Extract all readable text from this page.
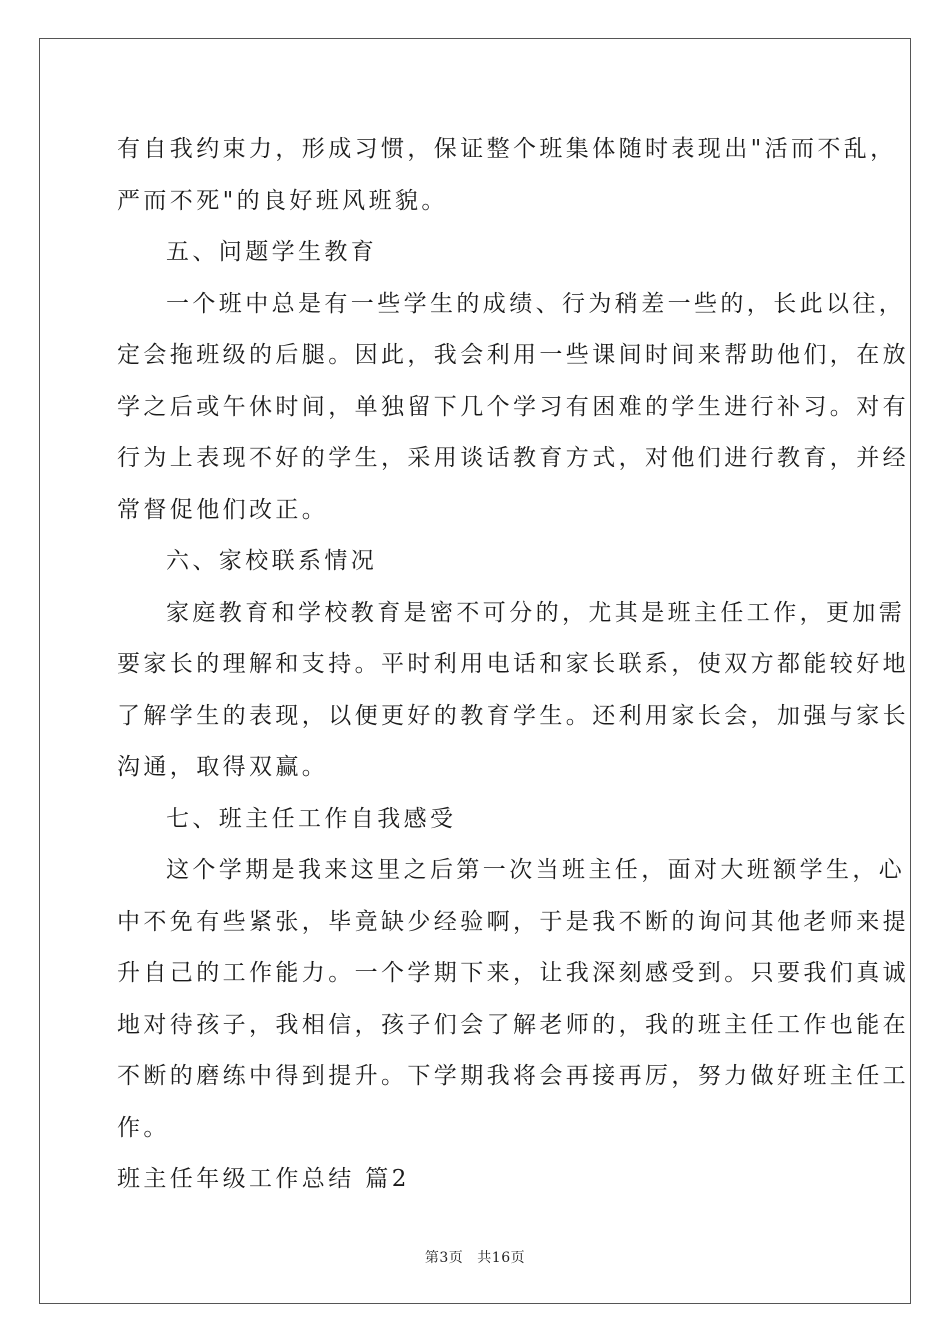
有自我约束力，形成习惯，保证整个班集体随时表现出"活而不乱，
严而不死"的良好班风班貌。
五、问题学生教育
一个班中总是有一些学生的成绩、行为稍差一些的，长此以往，
定会拖班级的后腿。因此，我会利用一些课间时间来帮助他们，在放
学之后或午休时间，单独留下几个学习有困难的学生进行补习。对有
行为上表现不好的学生，采用谈话教育方式，对他们进行教育，并经
常督促他们改正。
六、家校联系情况
家庭教育和学校教育是密不可分的，尤其是班主任工作，更加需
要家长的理解和支持。平时利用电话和家长联系，使双方都能较好地
了解学生的表现，以便更好的教育学生。还利用家长会，加强与家长
沟通，取得双赢。
七、班主任工作自我感受
这个学期是我来这里之后第一次当班主任，面对大班额学生，心
中不免有些紧张，毕竟缺少经验啊，于是我不断的询问其他老师来提
升自己的工作能力。一个学期下来，让我深刻感受到。只要我们真诚
地对待孩子，我相信，孩子们会了解老师的，我的班主任工作也能在
不断的磨练中得到提升。下学期我将会再接再厉，努力做好班主任工
作。
班主任年级工作总结 篇2
第3页 共16页
